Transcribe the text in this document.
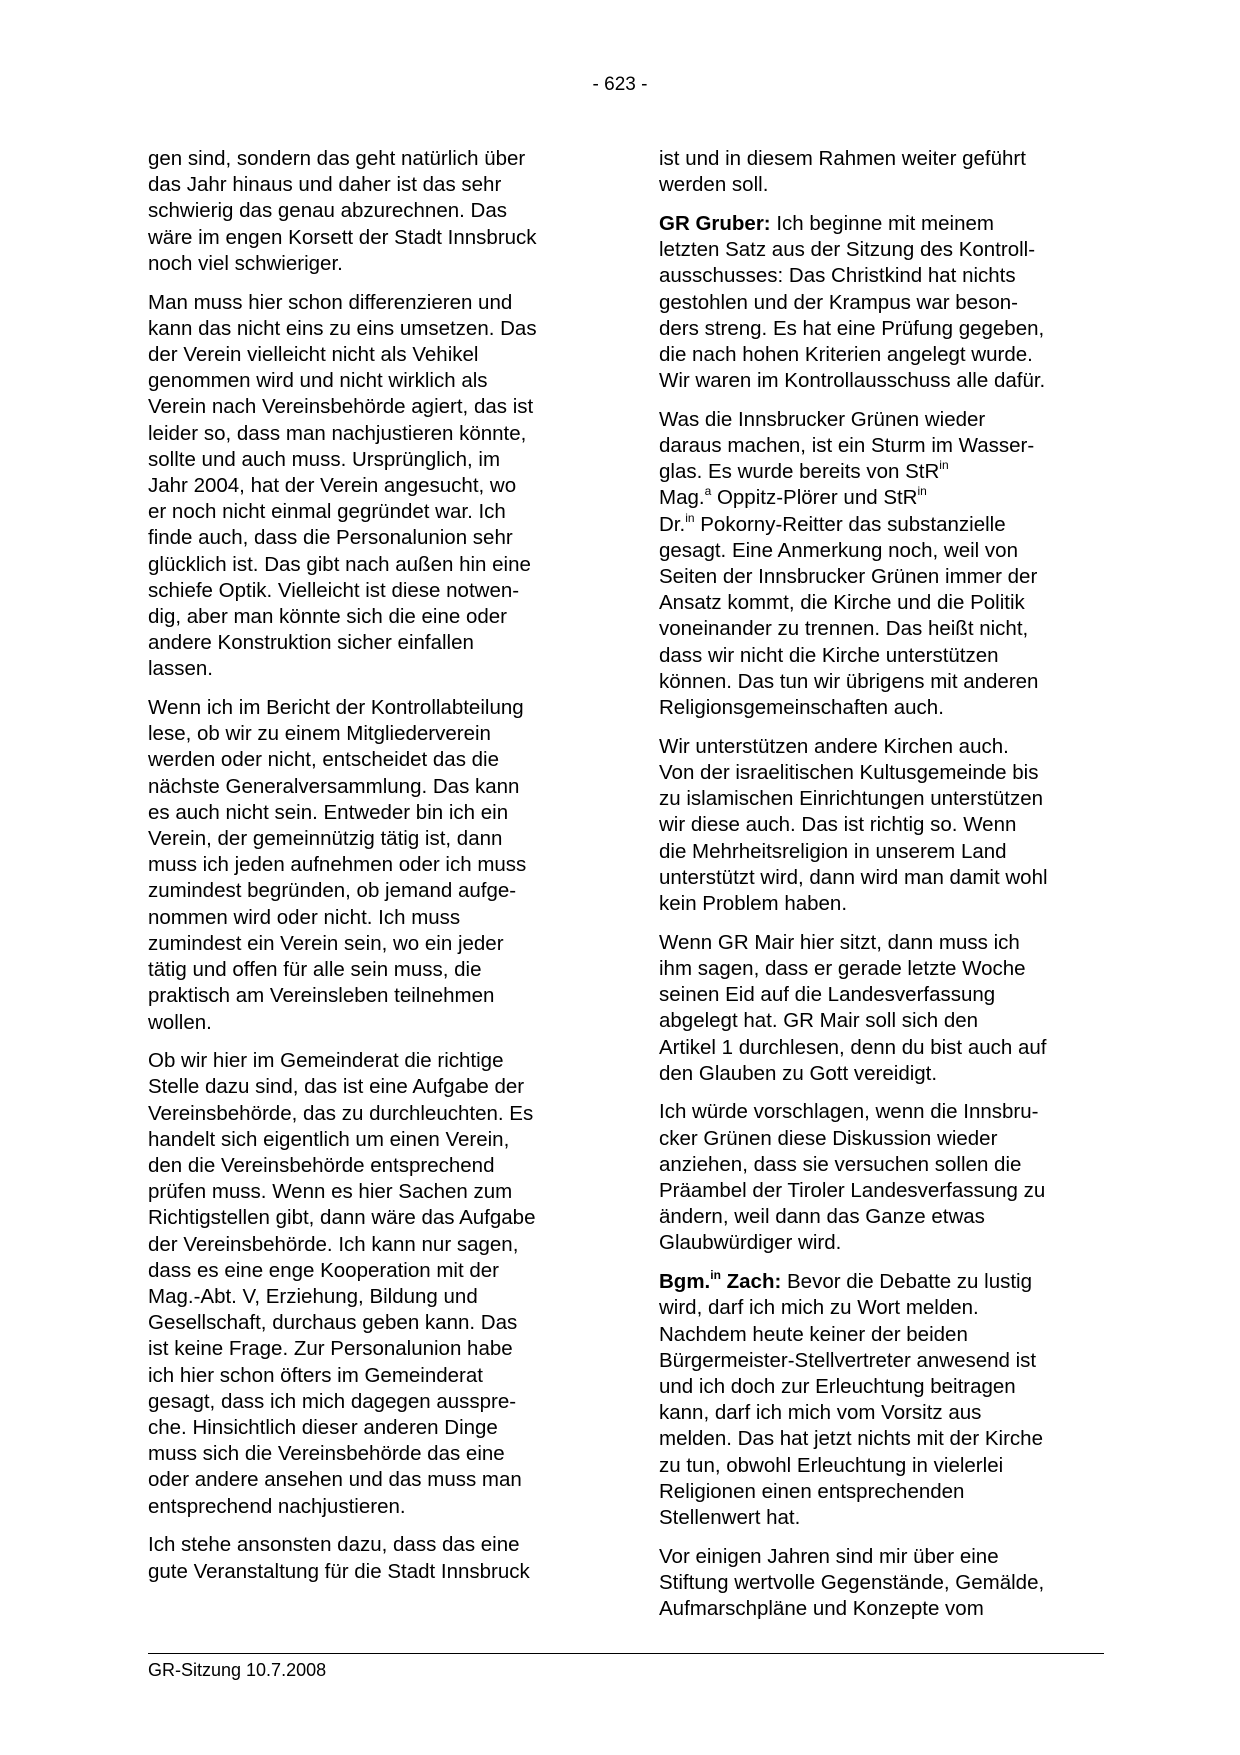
- 623 -

gen sind, sondern das geht natürlich über
das Jahr hinaus und daher ist das sehr
schwierig das genau abzurechnen. Das
wäre im engen Korsett der Stadt Innsbruck
noch viel schwieriger.

Man muss hier schon differenzieren und
kann das nicht eins zu eins umsetzen. Das
der Verein vielleicht nicht als Vehikel
genommen wird und nicht wirklich als
Verein nach Vereinsbehörde agiert, das ist
leider so, dass man nachjustieren könnte,
sollte und auch muss. Ursprünglich, im
Jahr 2004, hat der Verein angesucht, wo
er noch nicht einmal gegründet war. Ich
finde auch, dass die Personalunion sehr
glücklich ist. Das gibt nach außen hin eine
schiefe Optik. Vielleicht ist diese notwen-
dig, aber man könnte sich die eine oder
andere Konstruktion sicher einfallen
lassen.

Wenn ich im Bericht der Kontrollabteilung
lese, ob wir zu einem Mitgliederverein
werden oder nicht, entscheidet das die
nächste Generalversammlung. Das kann
es auch nicht sein. Entweder bin ich ein
Verein, der gemeinnützig tätig ist, dann
muss ich jeden aufnehmen oder ich muss
zumindest begründen, ob jemand aufge-
nommen wird oder nicht. Ich muss
zumindest ein Verein sein, wo ein jeder
tätig und offen für alle sein muss, die
praktisch am Vereinsleben teilnehmen
wollen.

Ob wir hier im Gemeinderat die richtige
Stelle dazu sind, das ist eine Aufgabe der
Vereinsbehörde, das zu durchleuchten. Es
handelt sich eigentlich um einen Verein,
den die Vereinsbehörde entsprechend
prüfen muss. Wenn es hier Sachen zum
Richtigstellen gibt, dann wäre das Aufgabe
der Vereinsbehörde. Ich kann nur sagen,
dass es eine enge Kooperation mit der
Mag.-Abt. V, Erziehung, Bildung und
Gesellschaft, durchaus geben kann. Das
ist keine Frage. Zur Personalunion habe
ich hier schon öfters im Gemeinderat
gesagt, dass ich mich dagegen ausspre-
che. Hinsichtlich dieser anderen Dinge
muss sich die Vereinsbehörde das eine
oder andere ansehen und das muss man
entsprechend nachjustieren.

Ich stehe ansonsten dazu, dass das eine
gute Veranstaltung für die Stadt Innsbruck

ist und in diesem Rahmen weiter geführt
werden soll.

GR Gruber: Ich beginne mit meinem
letzten Satz aus der Sitzung des Kontroll-
ausschusses: Das Christkind hat nichts
gestohlen und der Krampus war beson-
ders streng. Es hat eine Prüfung gegeben,
die nach hohen Kriterien angelegt wurde.
Wir waren im Kontrollausschuss alle dafür.

Was die Innsbrucker Grünen wieder
daraus machen, ist ein Sturm im Wasser-
glas. Es wurde bereits von StR$^{in}$
Mag.$^a$ Oppitz-Plörer und StR$^{in}$
Dr.$^{in}$ Pokorny-Reitter das substanzielle
gesagt. Eine Anmerkung noch, weil von
Seiten der Innsbrucker Grünen immer der
Ansatz kommt, die Kirche und die Politik
voneinander zu trennen. Das heißt nicht,
dass wir nicht die Kirche unterstützen
können. Das tun wir übrigens mit anderen
Religionsgemeinschaften auch.

Wir unterstützen andere Kirchen auch.
Von der israelitischen Kultusgemeinde bis
zu islamischen Einrichtungen unterstützen
wir diese auch. Das ist richtig so. Wenn
die Mehrheitsreligion in unserem Land
unterstützt wird, dann wird man damit wohl
kein Problem haben.

Wenn GR Mair hier sitzt, dann muss ich
ihm sagen, dass er gerade letzte Woche
seinen Eid auf die Landesverfassung
abgelegt hat. GR Mair soll sich den
Artikel 1 durchlesen, denn du bist auch auf
den Glauben zu Gott vereidigt.

Ich würde vorschlagen, wenn die Innsbru-
cker Grünen diese Diskussion wieder
anziehen, dass sie versuchen sollen die
Präambel der Tiroler Landesverfassung zu
ändern, weil dann das Ganze etwas
Glaubwürdiger wird.

Bgm.$^{in}$ Zach: Bevor die Debatte zu lustig
wird, darf ich mich zu Wort melden.
Nachdem heute keiner der beiden
Bürgermeister-Stellvertreter anwesend ist
und ich doch zur Erleuchtung beitragen
kann, darf ich mich vom Vorsitz aus
melden. Das hat jetzt nichts mit der Kirche
zu tun, obwohl Erleuchtung in vielerlei
Religionen einen entsprechenden
Stellenwert hat.

Vor einigen Jahren sind mir über eine
Stiftung wertvolle Gegenstände, Gemälde,
Aufmarschpläne und Konzepte vom

GR-Sitzung 10.7.2008
